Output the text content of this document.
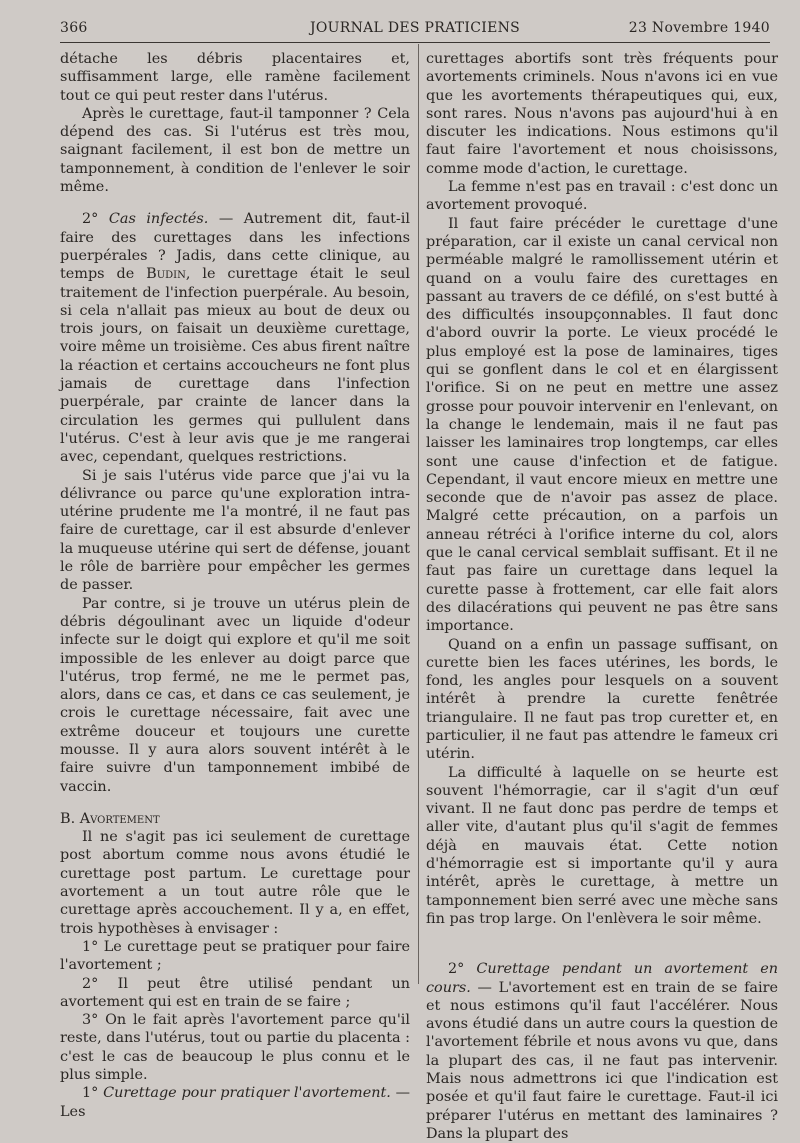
366	JOURNAL DES PRATICIENS	23 Novembre 1940

détache les débris placentaires et, suffisamment large, elle ramène facilement tout ce qui peut rester dans l'utérus.

Après le curettage, faut-il tamponner ? Cela dépend des cas. Si l'utérus est très mou, saignant facilement, il est bon de mettre un tamponnement, à condition de l'enlever le soir même.

2° Cas infectés. — Autrement dit, faut-il faire des curettages dans les infections puerpérales ? Jadis, dans cette clinique, au temps de Budin, le curettage était le seul traitement de l'infection puerpérale. Au besoin, si cela n'allait pas mieux au bout de deux ou trois jours, on faisait un deuxième curettage, voire même un troisième. Ces abus firent naître la réaction et certains accoucheurs ne font plus jamais de curettage dans l'infection puerpérale, par crainte de lancer dans la circulation les germes qui pullulent dans l'utérus. C'est à leur avis que je me rangerai avec, cependant, quelques restrictions.

Si je sais l'utérus vide parce que j'ai vu la délivrance ou parce qu'une exploration intra-utérine prudente me l'a montré, il ne faut pas faire de curettage, car il est absurde d'enlever la muqueuse utérine qui sert de défense, jouant le rôle de barrière pour empêcher les germes de passer.

Par contre, si je trouve un utérus plein de débris dégoulinant avec un liquide d'odeur infecte sur le doigt qui explore et qu'il me soit impossible de les enlever au doigt parce que l'utérus, trop fermé, ne me le permet pas, alors, dans ce cas, et dans ce cas seulement, je crois le curettage nécessaire, fait avec une extrême douceur et toujours une curette mousse. Il y aura alors souvent intérêt à le faire suivre d'un tamponnement imbibé de vaccin.

B. Avortement

Il ne s'agit pas ici seulement de curettage post abortum comme nous avons étudié le curettage post partum. Le curettage pour avortement a un tout autre rôle que le curettage après accouchement. Il y a, en effet, trois hypothèses à envisager :

1° Le curettage peut se pratiquer pour faire l'avortement ;

2° Il peut être utilisé pendant un avortement qui est en train de se faire ;

3° On le fait après l'avortement parce qu'il reste, dans l'utérus, tout ou partie du placenta : c'est le cas de beaucoup le plus connu et le plus simple.

1° Curettage pour pratiquer l'avortement. — Les

curettages abortifs sont très fréquents pour avortements criminels. Nous n'avons ici en vue que les avortements thérapeutiques qui, eux, sont rares. Nous n'avons pas aujourd'hui à en discuter les indications. Nous estimons qu'il faut faire l'avortement et nous choisissons, comme mode d'action, le curettage.

La femme n'est pas en travail : c'est donc un avortement provoqué.

Il faut faire précéder le curettage d'une préparation, car il existe un canal cervical non perméable malgré le ramollissement utérin et quand on a voulu faire des curettages en passant au travers de ce défilé, on s'est butté à des difficultés insoupçonnables. Il faut donc d'abord ouvrir la porte. Le vieux procédé le plus employé est la pose de laminaires, tiges qui se gonflent dans le col et en élargissent l'orifice. Si on ne peut en mettre une assez grosse pour pouvoir intervenir en l'enlevant, on la change le lendemain, mais il ne faut pas laisser les laminaires trop longtemps, car elles sont une cause d'infection et de fatigue. Cependant, il vaut encore mieux en mettre une seconde que de n'avoir pas assez de place. Malgré cette précaution, on a parfois un anneau rétréci à l'orifice interne du col, alors que le canal cervical semblait suffisant. Et il ne faut pas faire un curettage dans lequel la curette passe à frottement, car elle fait alors des dilacérations qui peuvent ne pas être sans importance.

Quand on a enfin un passage suffisant, on curette bien les faces utérines, les bords, le fond, les angles pour lesquels on a souvent intérêt à prendre la curette fenêtrée triangulaire. Il ne faut pas trop curetter et, en particulier, il ne faut pas attendre le fameux cri utérin.

La difficulté à laquelle on se heurte est souvent l'hémorragie, car il s'agit d'un œuf vivant. Il ne faut donc pas perdre de temps et aller vite, d'autant plus qu'il s'agit de femmes déjà en mauvais état. Cette notion d'hémorragie est si importante qu'il y aura intérêt, après le curettage, à mettre un tamponnement bien serré avec une mèche sans fin pas trop large. On l'enlèvera le soir même.

2° Curettage pendant un avortement en cours. — L'avortement est en train de se faire et nous estimons qu'il faut l'accélérer. Nous avons étudié dans un autre cours la question de l'avortement fébrile et nous avons vu que, dans la plupart des cas, il ne faut pas intervenir. Mais nous admettrons ici que l'indication est posée et qu'il faut faire le curettage. Faut-il ici préparer l'utérus en mettant des laminaires ? Dans la plupart des
